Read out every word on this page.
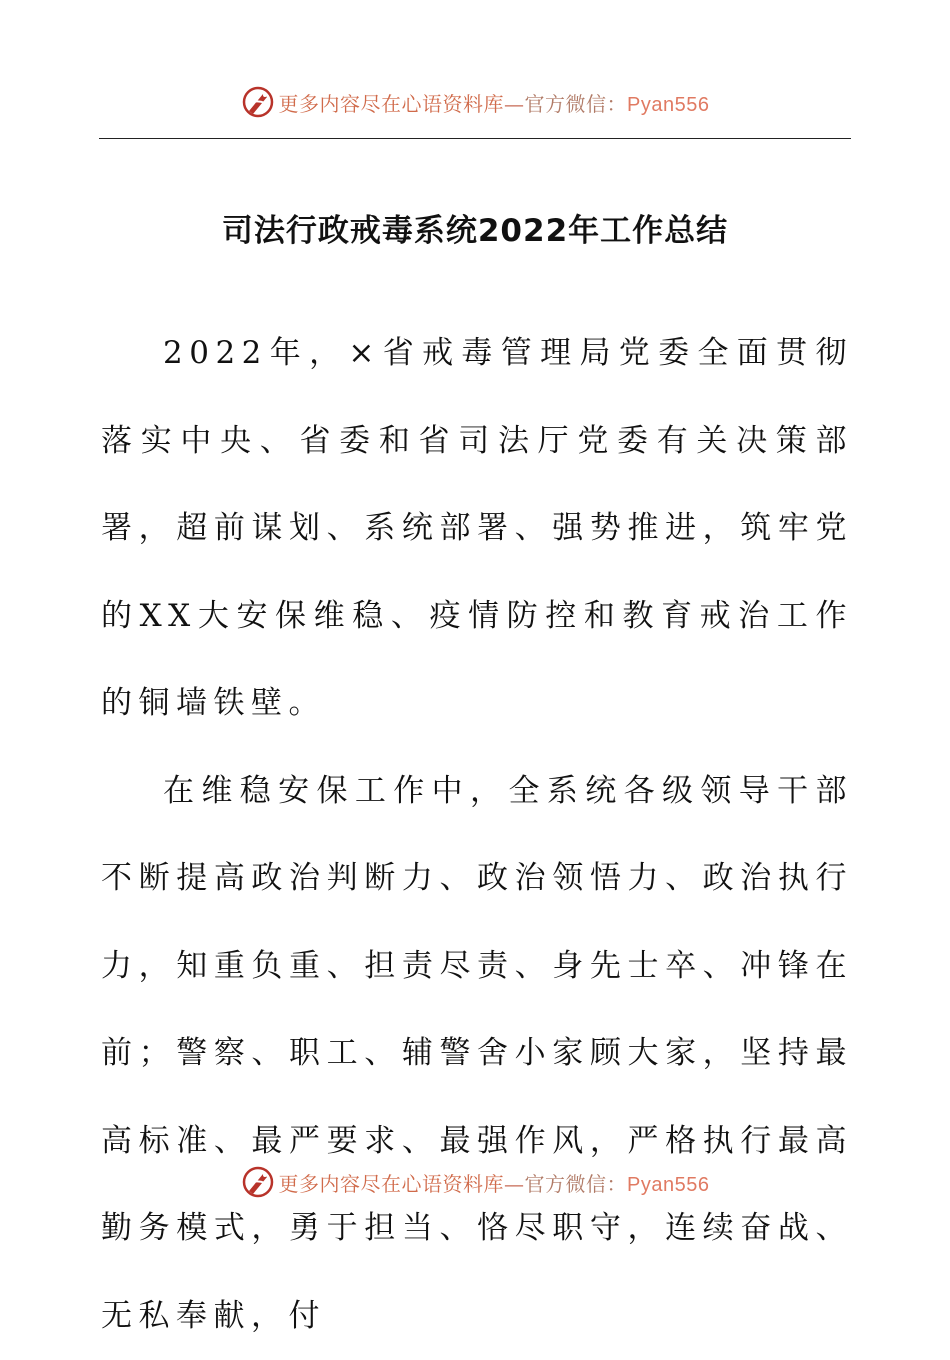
更多内容尽在心语资料库—官方微信：Pyan556
司法行政戒毒系统2022年工作总结

2022年，×省戒毒管理局党委全面贯彻落实中央、省委和省司法厅党委有关决策部署，超前谋划、系统部署、强势推进，筑牢党的XX大安保维稳、疫情防控和教育戒治工作的铜墙铁壁。

在维稳安保工作中，全系统各级领导干部不断提高政治判断力、政治领悟力、政治执行力，知重负重、担责尽责、身先士卒、冲锋在前；警察、职工、辅警舍小家顾大家，坚持最高标准、最严要求、最强作风，严格执行最高勤务模式，勇于担当、恪尽职守，连续奋战、无私奉献，付

更多内容尽在心语资料库—官方微信：Pyan556
